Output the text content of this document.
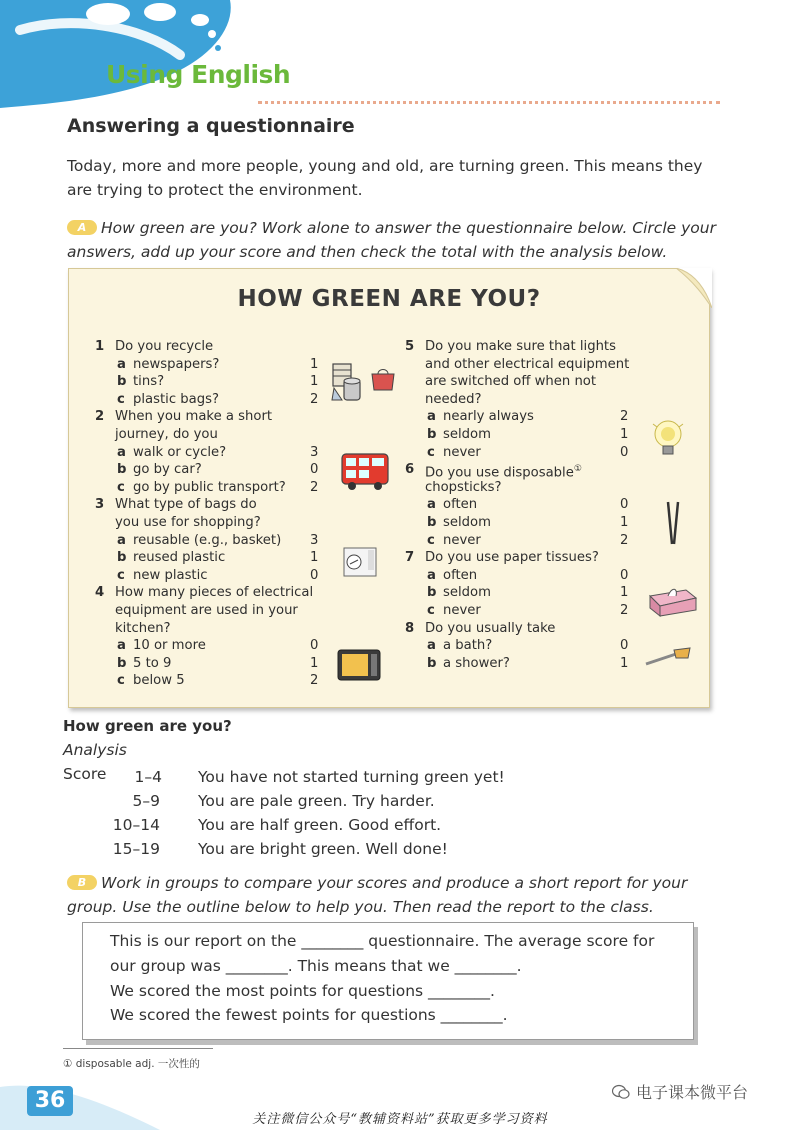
Using English
Answering a questionnaire
Today, more and more people, young and old, are turning green. This means they are trying to protect the environment.
A How green are you? Work alone to answer the questionnaire below. Circle your answers, add up your score and then check the total with the analysis below.
HOW GREEN ARE YOU?
1 Do you recycle
a newspapers?	1
b tins?	1
c plastic bags?	2
2 When you make a short
journey, do you
a walk or cycle?	3
b go by car?	0
c go by public transport? 2
3 What type of bags do
you use for shopping?
a reusable (e.g., basket) 3
b reused plastic	1
c new plastic	0
4 How many pieces of electrical
equipment are used in your
kitchen?
a 10 or more	0
b 5 to 9	1
c below 5	2
5 Do you make sure that lights
and other electrical equipment
are switched off when not
needed?
a nearly always	2
b seldom	1
c never	0
6 Do you use disposable①
chopsticks?
a often	0
b seldom	1
c never	2
7 Do you use paper tissues?
a often	0
b seldom	1
c never	2
8 Do you usually take
a a bath?	0
b a shower?	1
How green are you?
Analysis
Score	1–4 You have not started turning green yet!
5–9 You are pale green. Try harder.
10–14 You are half green. Good effort.
15–19 You are bright green. Well done!
B Work in groups to compare your scores and produce a short report for your group. Use the outline below to help you. Then read the report to the class.
This is our report on the ________ questionnaire. The average score for
our group was ________. This means that we ________.
We scored the most points for questions ________.
We scored the fewest points for questions ________.
① disposable adj. 一次性的
36	电子课本微平台
关注微信公众号“教辅资料站”获取更多学习资料
